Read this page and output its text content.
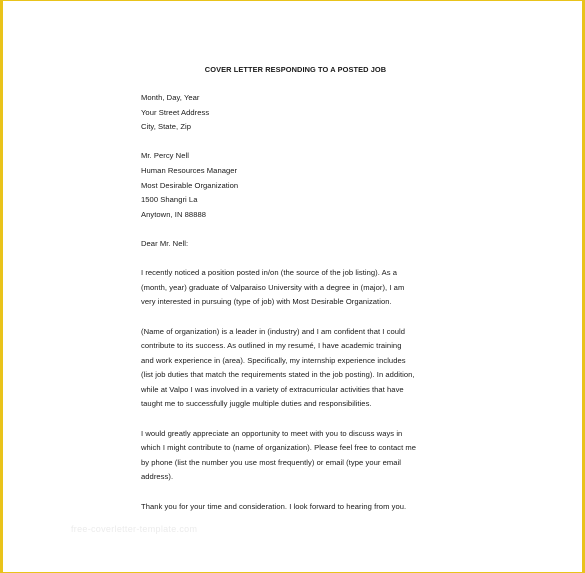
COVER LETTER RESPONDING TO A POSTED JOB
Month, Day, Year
Your Street Address
City, State, Zip
Mr. Percy Nell
Human Resources Manager
Most Desirable Organization
1500 Shangri La
Anytown, IN 88888
Dear Mr. Nell:
I recently noticed a position posted in/on (the source of the job listing). As a
(month, year) graduate of Valparaiso University with a degree in (major), I am
very interested in pursuing (type of job) with Most Desirable Organization.
(Name of organization) is a leader in (industry) and I am confident that I could
contribute to its success. As outlined in my resumé, I have academic training
and work experience in (area). Specifically, my internship experience includes
(list job duties that match the requirements stated in the job posting). In addition,
while at Valpo I was involved in a variety of extracurricular activities that have
taught me to successfully juggle multiple duties and responsibilities.
I would greatly appreciate an opportunity to meet with you to discuss ways in
which I might contribute to (name of organization). Please feel free to contact me
by phone (list the number you use most frequently) or email (type your email
address).
Thank you for your time and consideration. I look forward to hearing from you.
free-coverletter-template.com
